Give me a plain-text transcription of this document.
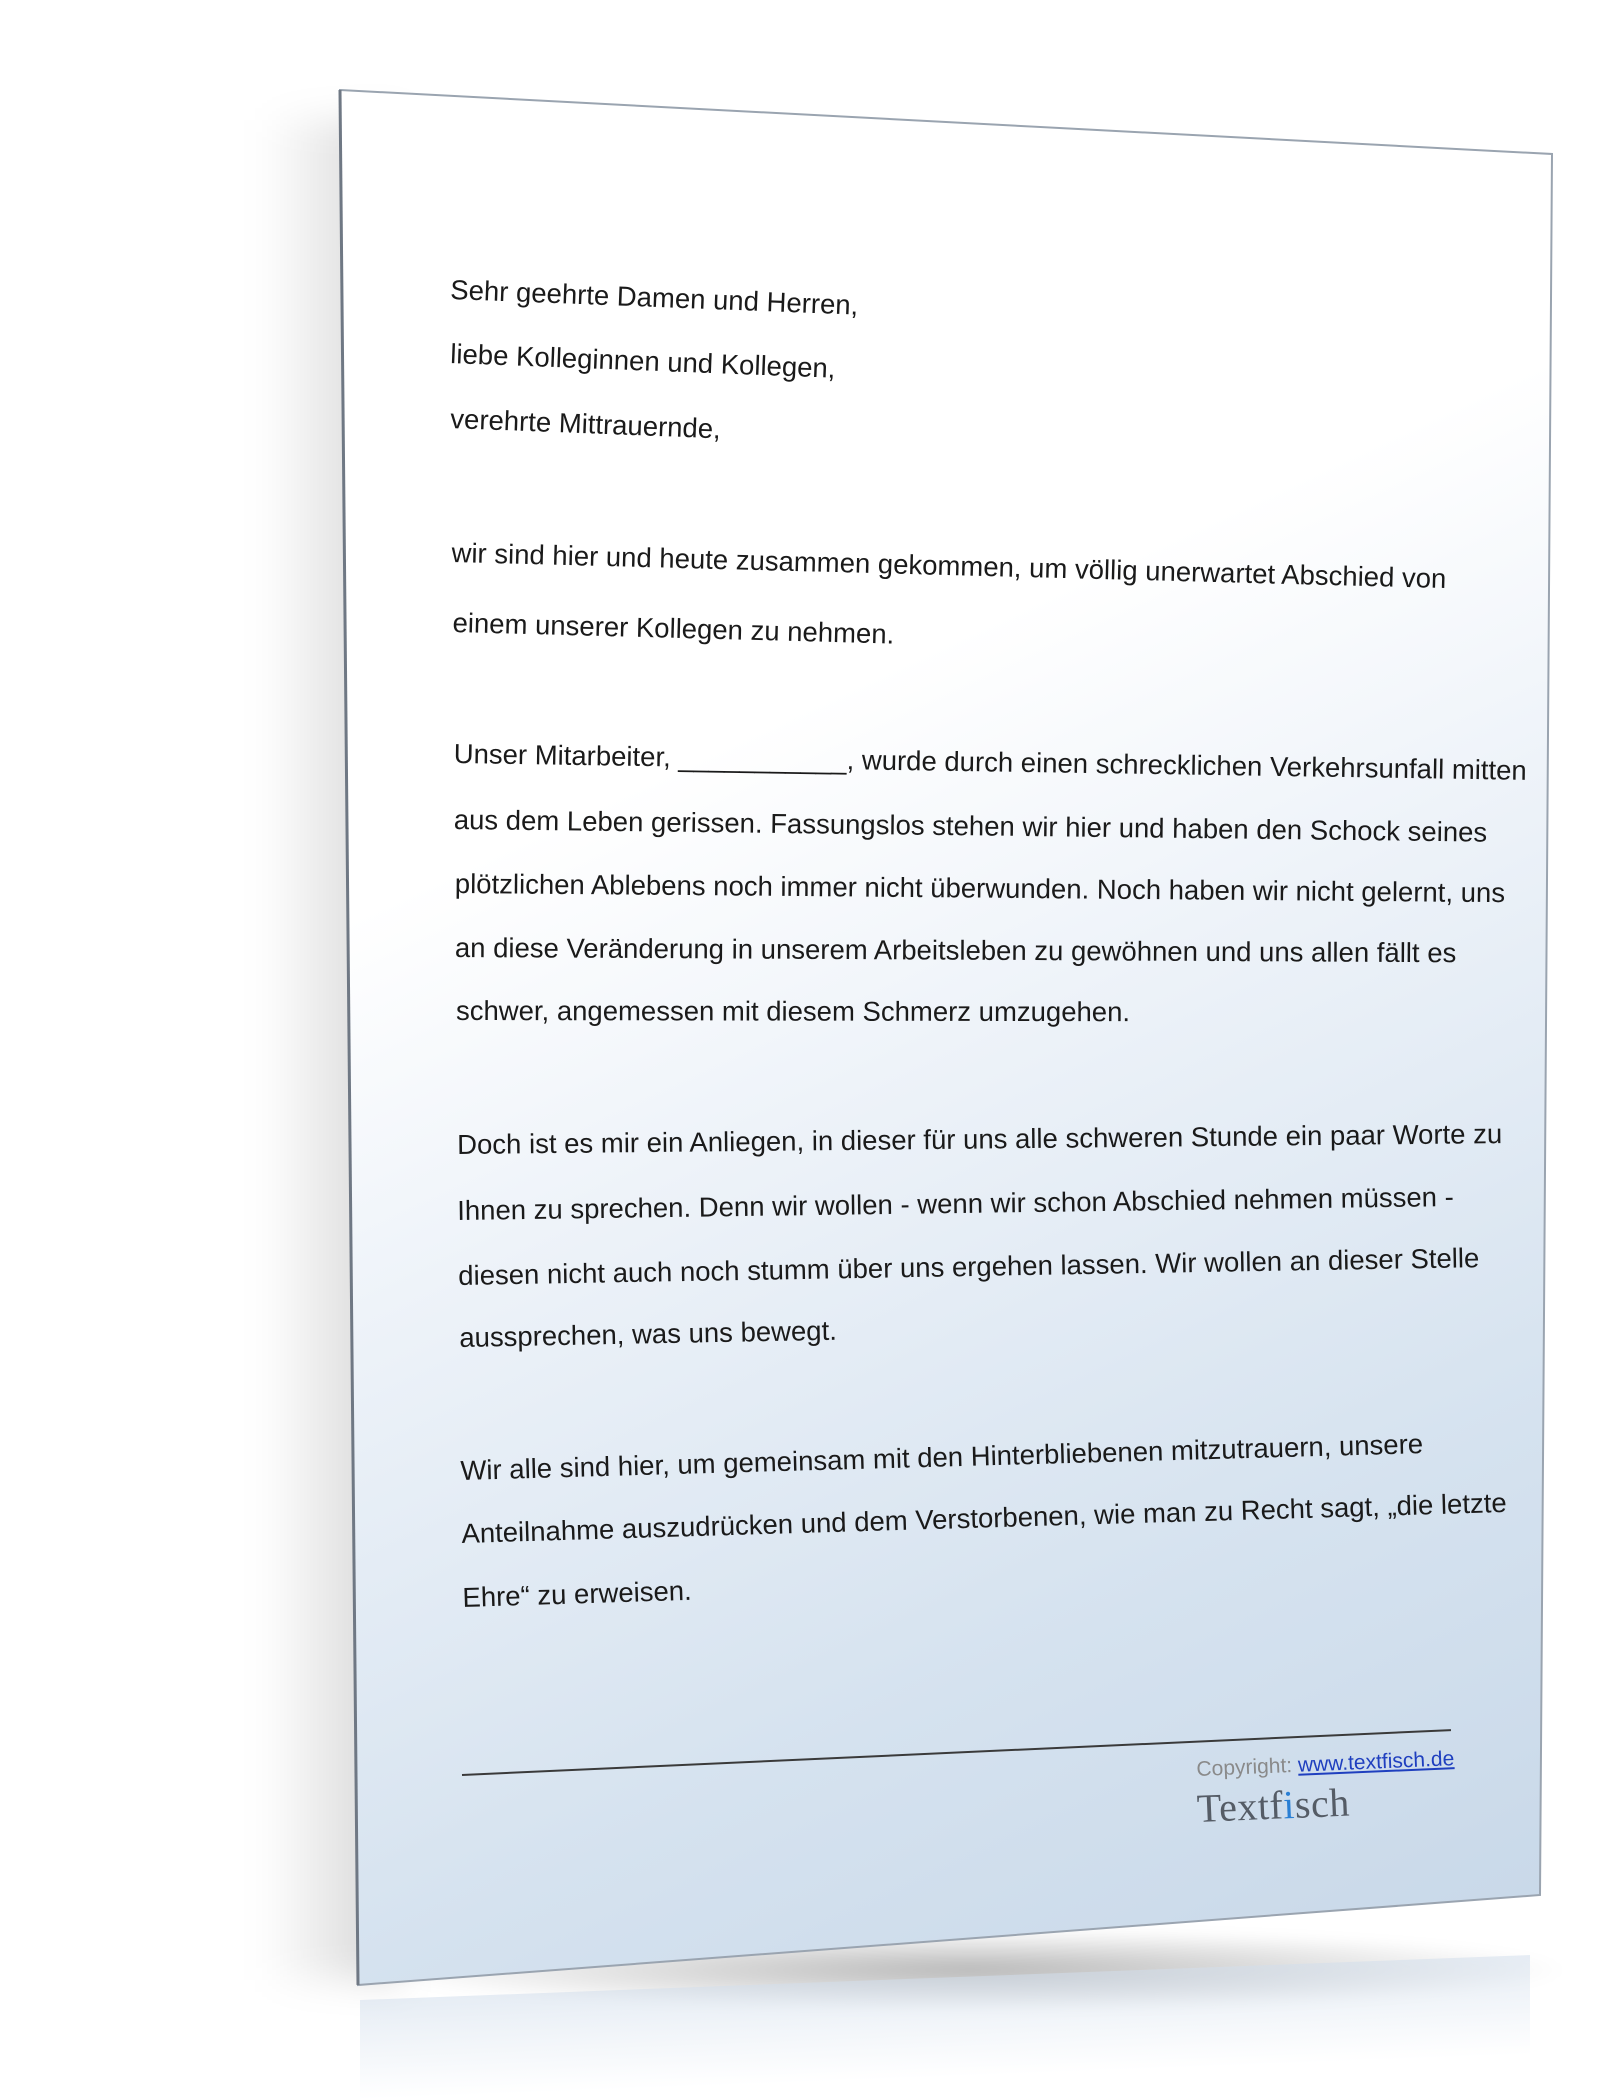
Sehr geehrte Damen und Herren,
liebe Kolleginnen und Kollegen,
verehrte Mittrauernde,
wir sind hier und heute zusammen gekommen, um völlig unerwartet Abschied von
einem unserer Kollegen zu nehmen.
Unser Mitarbeiter, ___________, wurde durch einen schrecklichen Verkehrsunfall mitten
aus dem Leben gerissen. Fassungslos stehen wir hier und haben den Schock seines
plötzlichen Ablebens noch immer nicht überwunden. Noch haben wir nicht gelernt, uns
an diese Veränderung in unserem Arbeitsleben zu gewöhnen und uns allen fällt es
schwer, angemessen mit diesem Schmerz umzugehen.
Doch ist es mir ein Anliegen, in dieser für uns alle schweren Stunde ein paar Worte zu
Ihnen zu sprechen. Denn wir wollen - wenn wir schon Abschied nehmen müssen -
diesen nicht auch noch stumm über uns ergehen lassen. Wir wollen an dieser Stelle
aussprechen, was uns bewegt.
Wir alle sind hier, um gemeinsam mit den Hinterbliebenen mitzutrauern, unsere
Anteilnahme auszudrücken und dem Verstorbenen, wie man zu Recht sagt, „die letzte
Ehre“ zu erweisen.
Copyright: www.textfisch.de
Textfisch
